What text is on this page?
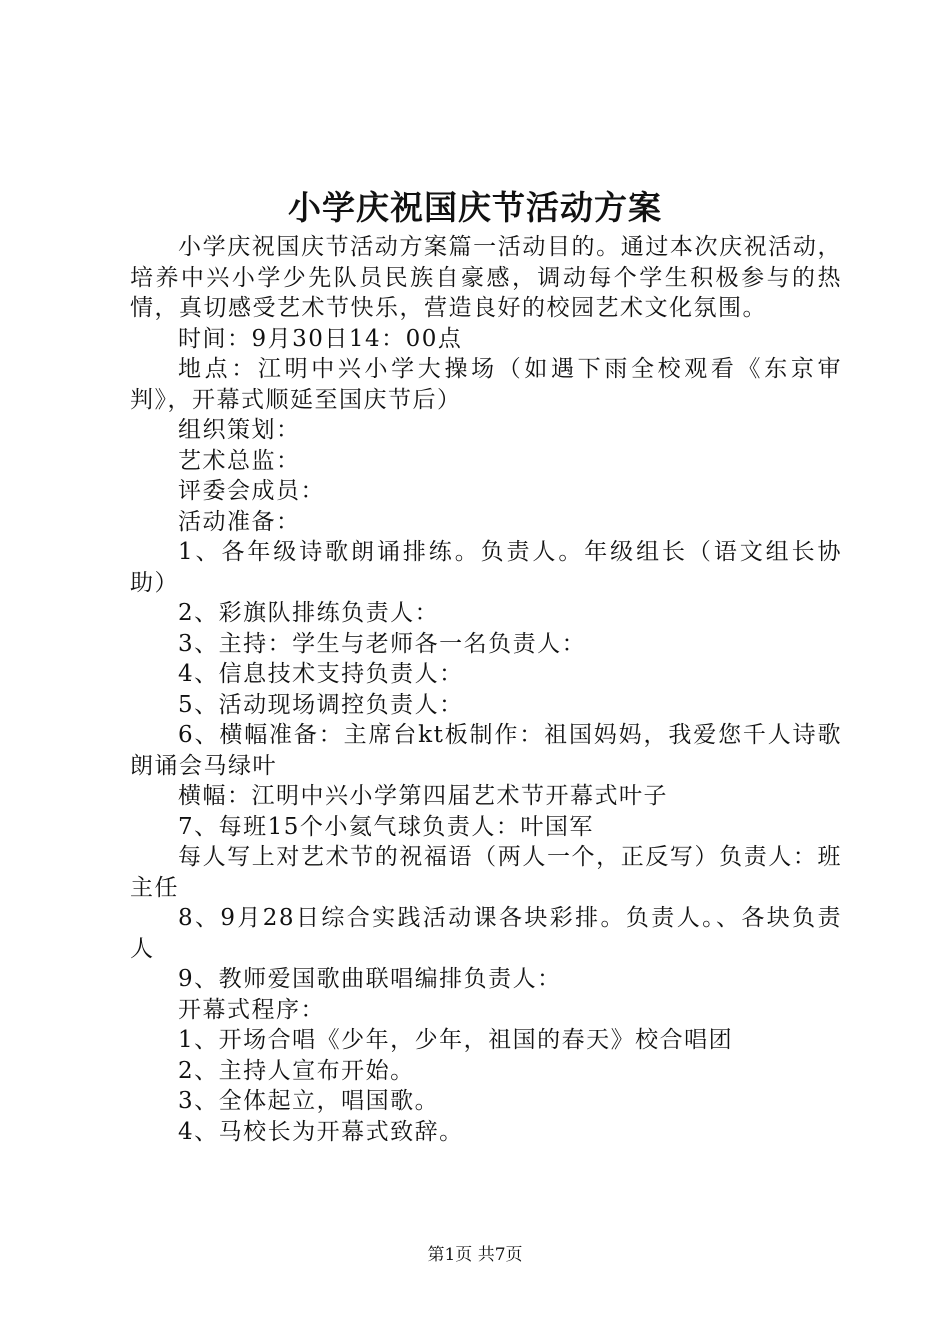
小学庆祝国庆节活动方案

小学庆祝国庆节活动方案篇一活动目的。通过本次庆祝活动，培养中兴小学少先队员民族自豪感，调动每个学生积极参与的热情，真切感受艺术节快乐，营造良好的校园艺术文化氛围。

时间：9月30日14：00点

地点：江明中兴小学大操场（如遇下雨全校观看《东京审判》，开幕式顺延至国庆节后）

组织策划：

艺术总监：

评委会成员：

活动准备：

1、各年级诗歌朗诵排练。负责人。年级组长（语文组长协助）

2、彩旗队排练负责人：

3、主持：学生与老师各一名负责人：

4、信息技术支持负责人：

5、活动现场调控负责人：

6、横幅准备：主席台kt板制作：祖国妈妈，我爱您千人诗歌朗诵会马绿叶

横幅：江明中兴小学第四届艺术节开幕式叶子

7、每班15个小氦气球负责人：叶国军

每人写上对艺术节的祝福语（两人一个，正反写）负责人：班主任

8、9月28日综合实践活动课各块彩排。负责人。、各块负责人

9、教师爱国歌曲联唱编排负责人：

开幕式程序：

1、开场合唱《少年，少年，祖国的春天》校合唱团

2、主持人宣布开始。

3、全体起立，唱国歌。

4、马校长为开幕式致辞。

第1页 共7页
